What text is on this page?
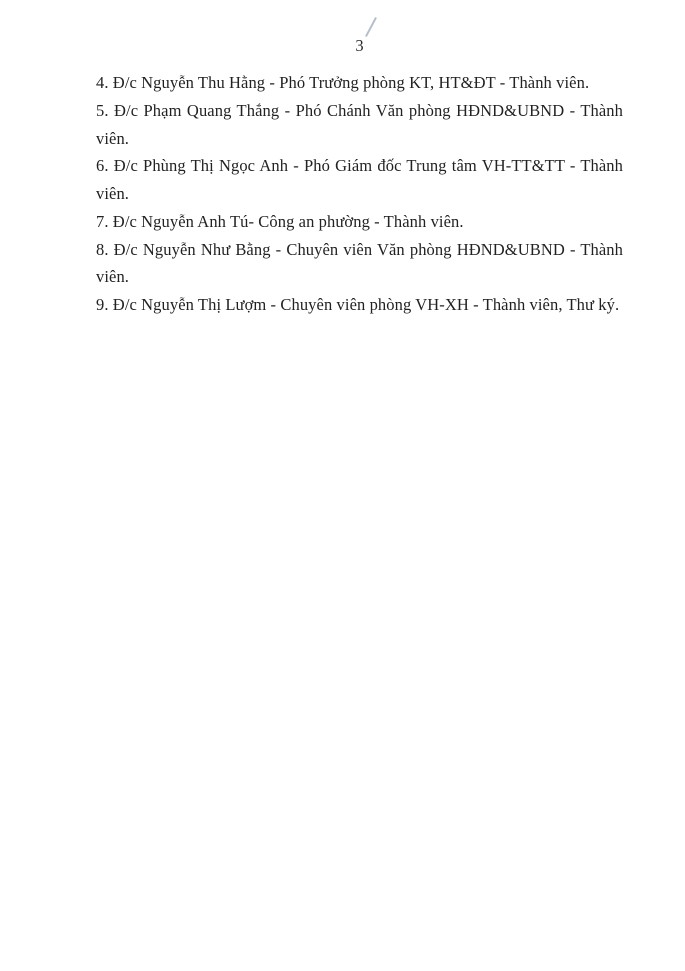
3

4. Đ/c Nguyễn Thu Hằng - Phó Trưởng phòng KT, HT&ĐT - Thành viên.

5. Đ/c Phạm Quang Thắng - Phó Chánh Văn phòng HĐND&UBND - Thành
viên.

6. Đ/c Phùng Thị Ngọc Anh - Phó Giám đốc Trung tâm VH-TT&TT - Thành
viên.

7. Đ/c Nguyễn Anh Tú- Công an phường - Thành viên.

8. Đ/c Nguyễn Như Bằng - Chuyên viên Văn phòng HĐND&UBND - Thành
viên.

9. Đ/c Nguyễn Thị Lượm - Chuyên viên phòng VH-XH - Thành viên, Thư ký.
